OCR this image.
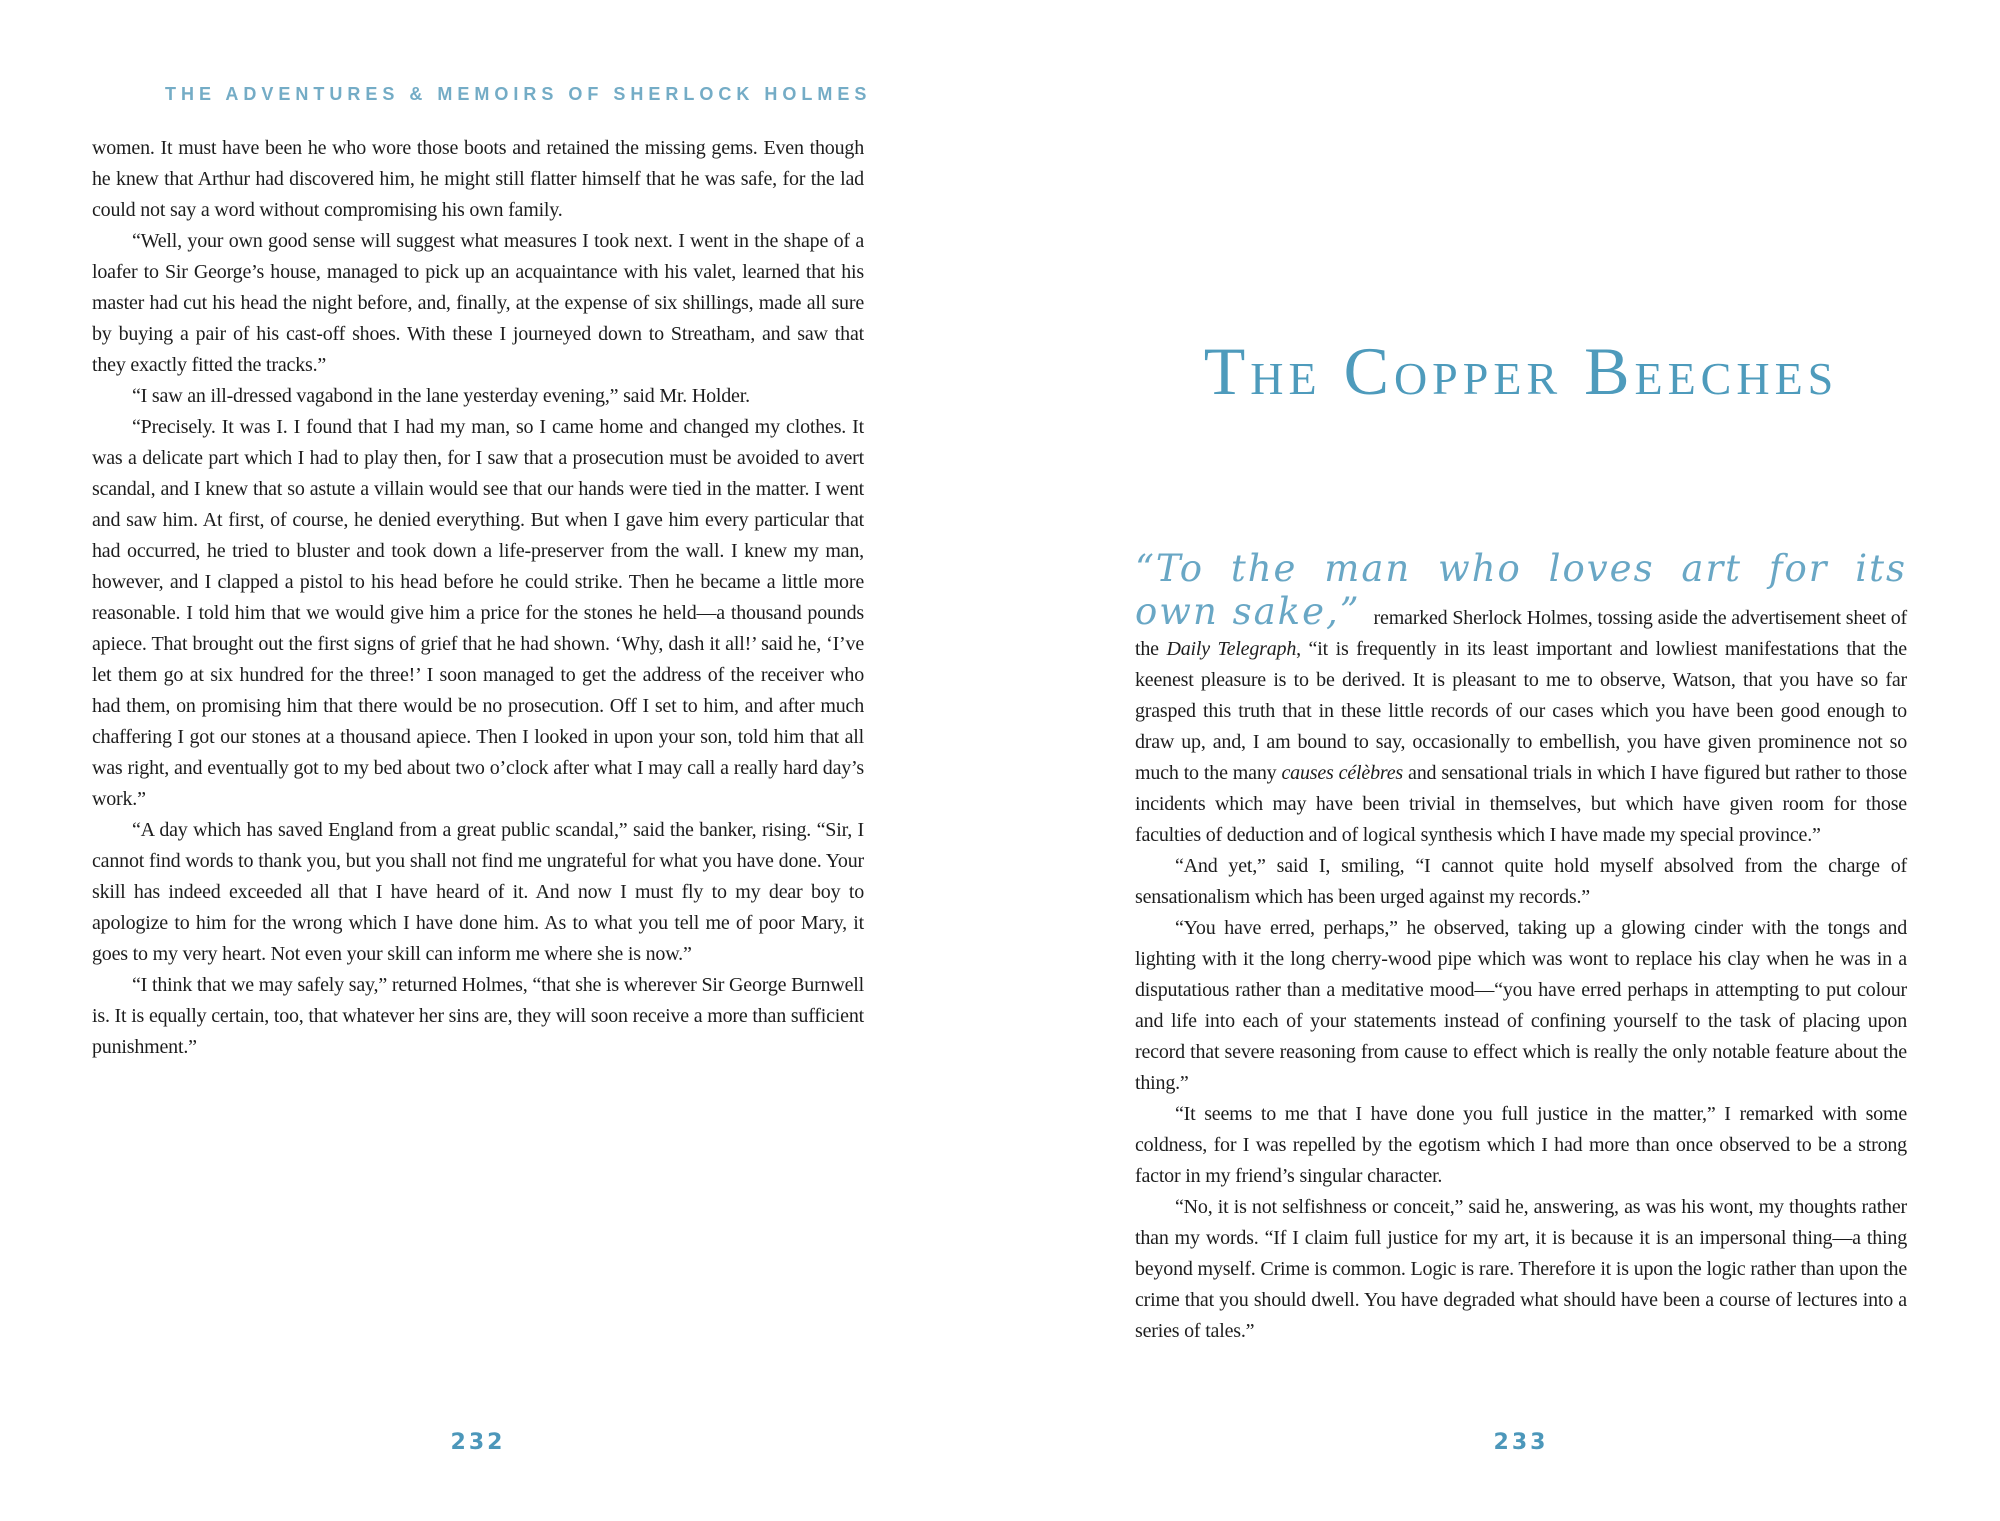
THE ADVENTURES & MEMOIRS OF SHERLOCK HOLMES

women. It must have been he who wore those boots and retained the missing gems. Even though he knew that Arthur had discovered him, he might still flatter himself that he was safe, for the lad could not say a word without compromising his own family.

“Well, your own good sense will suggest what measures I took next. I went in the shape of a loafer to Sir George’s house, managed to pick up an acquaintance with his valet, learned that his master had cut his head the night before, and, finally, at the expense of six shillings, made all sure by buying a pair of his cast-off shoes. With these I journeyed down to Streatham, and saw that they exactly fitted the tracks.”

“I saw an ill-dressed vagabond in the lane yesterday evening,” said Mr. Holder.

“Precisely. It was I. I found that I had my man, so I came home and changed my clothes. It was a delicate part which I had to play then, for I saw that a prosecution must be avoided to avert scandal, and I knew that so astute a villain would see that our hands were tied in the matter. I went and saw him. At first, of course, he denied everything. But when I gave him every particular that had occurred, he tried to bluster and took down a life-preserver from the wall. I knew my man, however, and I clapped a pistol to his head before he could strike. Then he became a little more reasonable. I told him that we would give him a price for the stones he held—a thousand pounds apiece. That brought out the first signs of grief that he had shown. ‘Why, dash it all!’ said he, ‘I’ve let them go at six hundred for the three!’ I soon managed to get the address of the receiver who had them, on promising him that there would be no prosecution. Off I set to him, and after much chaffering I got our stones at a thousand apiece. Then I looked in upon your son, told him that all was right, and eventually got to my bed about two o’clock after what I may call a really hard day’s work.”

“A day which has saved England from a great public scandal,” said the banker, rising. “Sir, I cannot find words to thank you, but you shall not find me ungrateful for what you have done. Your skill has indeed exceeded all that I have heard of it. And now I must fly to my dear boy to apologize to him for the wrong which I have done him. As to what you tell me of poor Mary, it goes to my very heart. Not even your skill can inform me where she is now.”

“I think that we may safely say,” returned Holmes, “that she is wherever Sir George Burnwell is. It is equally certain, too, that whatever her sins are, they will soon receive a more than sufficient punishment.”

232
THE COPPER BEECHES

“To the man who loves art for its own sake,” remarked Sherlock Holmes, tossing aside the advertisement sheet of the Daily Telegraph, “it is frequently in its least important and lowliest manifestations that the keenest pleasure is to be derived. It is pleasant to me to observe, Watson, that you have so far grasped this truth that in these little records of our cases which you have been good enough to draw up, and, I am bound to say, occasionally to embellish, you have given prominence not so much to the many causes célèbres and sensational trials in which I have figured but rather to those incidents which may have been trivial in themselves, but which have given room for those faculties of deduction and of logical synthesis which I have made my special province.”

“And yet,” said I, smiling, “I cannot quite hold myself absolved from the charge of sensationalism which has been urged against my records.”

“You have erred, perhaps,” he observed, taking up a glowing cinder with the tongs and lighting with it the long cherry-wood pipe which was wont to replace his clay when he was in a disputatious rather than a meditative mood—“you have erred perhaps in attempting to put colour and life into each of your statements instead of confining yourself to the task of placing upon record that severe reasoning from cause to effect which is really the only notable feature about the thing.”

“It seems to me that I have done you full justice in the matter,” I remarked with some coldness, for I was repelled by the egotism which I had more than once observed to be a strong factor in my friend’s singular character.

“No, it is not selfishness or conceit,” said he, answering, as was his wont, my thoughts rather than my words. “If I claim full justice for my art, it is because it is an impersonal thing—a thing beyond myself. Crime is common. Logic is rare. Therefore it is upon the logic rather than upon the crime that you should dwell. You have degraded what should have been a course of lectures into a series of tales.”

233
